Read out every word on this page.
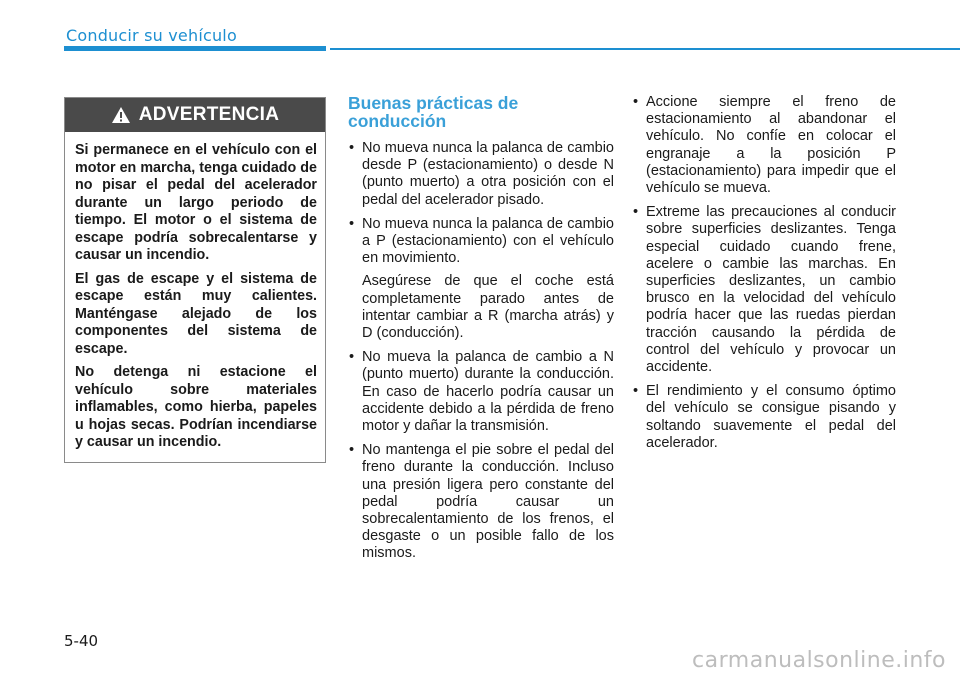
Conducir su vehículo
ADVERTENCIA

Si permanece en el vehículo con el motor en marcha, tenga cuidado de no pisar el pedal del acelerador durante un largo periodo de tiempo. El motor o el sistema de escape podría sobrecalentarse y causar un incendio.

El gas de escape y el sistema de escape están muy calientes. Manténgase alejado de los componentes del sistema de escape.

No detenga ni estacione el vehículo sobre materiales inflamables, como hierba, papeles u hojas secas. Podrían incendiarse y causar un incendio.

Buenas prácticas de conducción
• No mueva nunca la palanca de cambio desde P (estacionamiento) o desde N (punto muerto) a otra posición con el pedal del acelerador pisado.
• No mueva nunca la palanca de cambio a P (estacionamiento) con el vehículo en movimiento.
Asegúrese de que el coche está completamente parado antes de intentar cambiar a R (marcha atrás) y D (conducción).
• No mueva la palanca de cambio a N (punto muerto) durante la conducción. En caso de hacerlo podría causar un accidente debido a la pérdida de freno motor y dañar la transmisión.
• No mantenga el pie sobre el pedal del freno durante la conducción. Incluso una presión ligera pero constante del pedal podría causar un sobrecalentamiento de los frenos, el desgaste o un posible fallo de los mismos.
• Accione siempre el freno de estacionamiento al abandonar el vehículo. No confíe en colocar el engranaje a la posición P (estacionamiento) para impedir que el vehículo se mueva.
• Extreme las precauciones al conducir sobre superficies deslizantes. Tenga especial cuidado cuando frene, acelere o cambie las marchas. En superficies deslizantes, un cambio brusco en la velocidad del vehículo podría hacer que las ruedas pierdan tracción causando la pérdida de control del vehículo y provocar un accidente.
• El rendimiento y el consumo óptimo del vehículo se consigue pisando y soltando suavemente el pedal del acelerador.
5-40
carmanualsonline.info
